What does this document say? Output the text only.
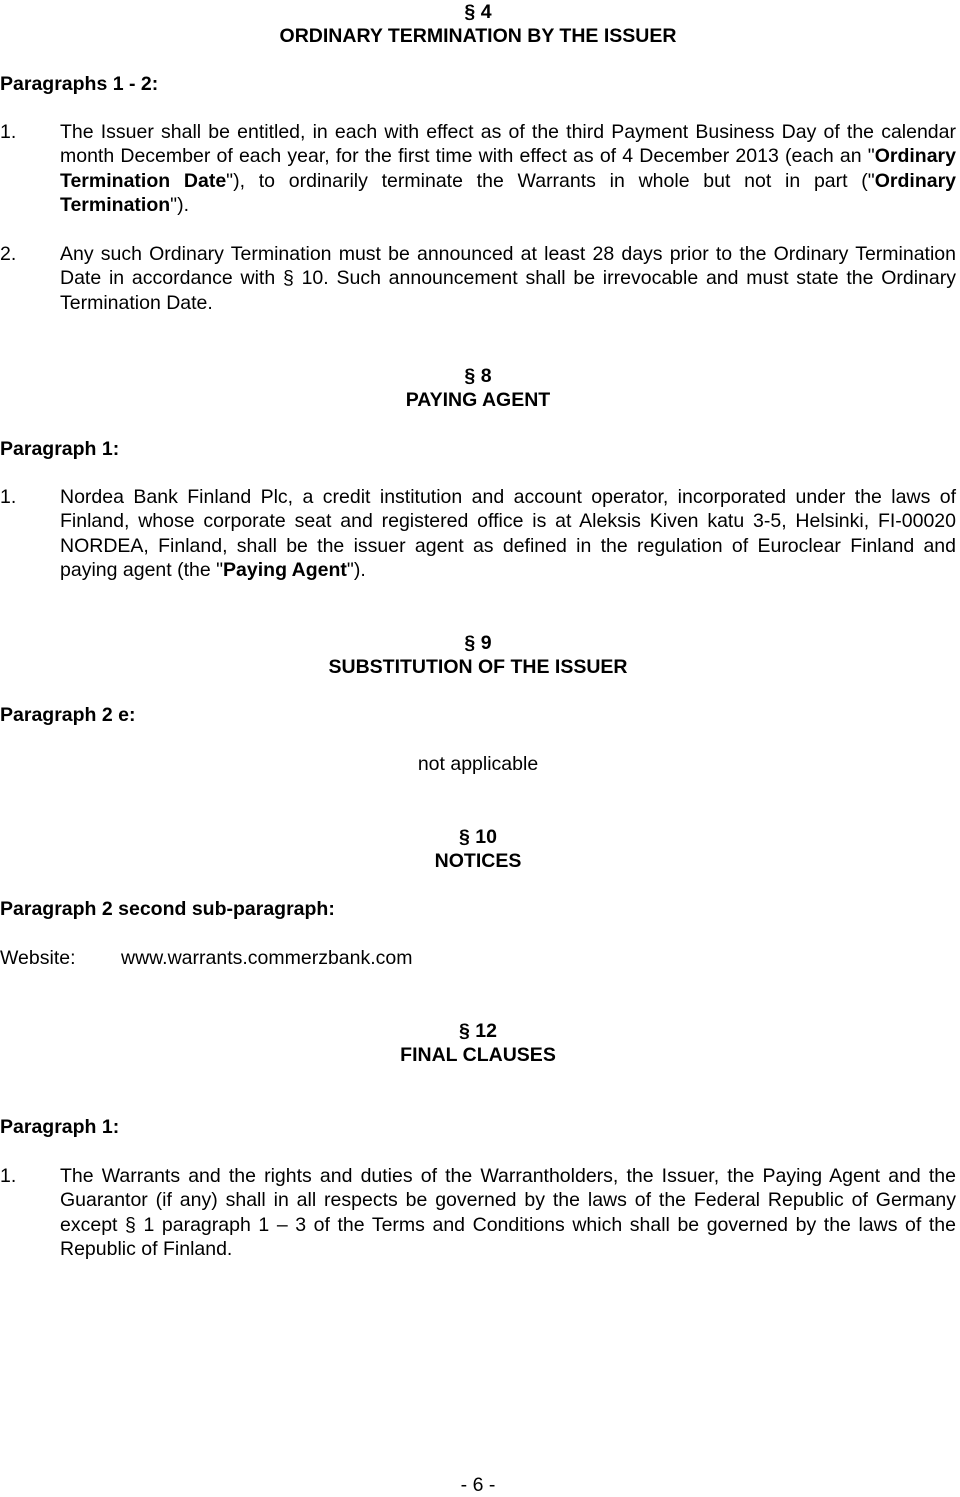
§ 4
ORDINARY TERMINATION BY THE ISSUER
Paragraphs 1 - 2:
1. The Issuer shall be entitled, in each with effect as of the third Payment Business Day of the calendar month December of each year, for the first time with effect as of 4 December 2013 (each an "Ordinary Termination Date"), to ordinarily terminate the Warrants in whole but not in part ("Ordinary Termination").
2. Any such Ordinary Termination must be announced at least 28 days prior to the Ordinary Termination Date in accordance with § 10. Such announcement shall be irrevocable and must state the Ordinary Termination Date.
§ 8
PAYING AGENT
Paragraph 1:
1. Nordea Bank Finland Plc, a credit institution and account operator, incorporated under the laws of Finland, whose corporate seat and registered office is at Aleksis Kiven katu 3-5, Helsinki, FI-00020 NORDEA, Finland, shall be the issuer agent as defined in the regulation of Euroclear Finland and paying agent (the "Paying Agent").
§ 9
SUBSTITUTION OF THE ISSUER
Paragraph 2 e:
not applicable
§ 10
NOTICES
Paragraph 2 second sub-paragraph:
Website: www.warrants.commerzbank.com
§ 12
FINAL CLAUSES
Paragraph 1:
1. The Warrants and the rights and duties of the Warrantholders, the Issuer, the Paying Agent and the Guarantor (if any) shall in all respects be governed by the laws of the Federal Republic of Germany except § 1 paragraph 1 – 3 of the Terms and Conditions which shall be governed by the laws of the Republic of Finland.
- 6 -
